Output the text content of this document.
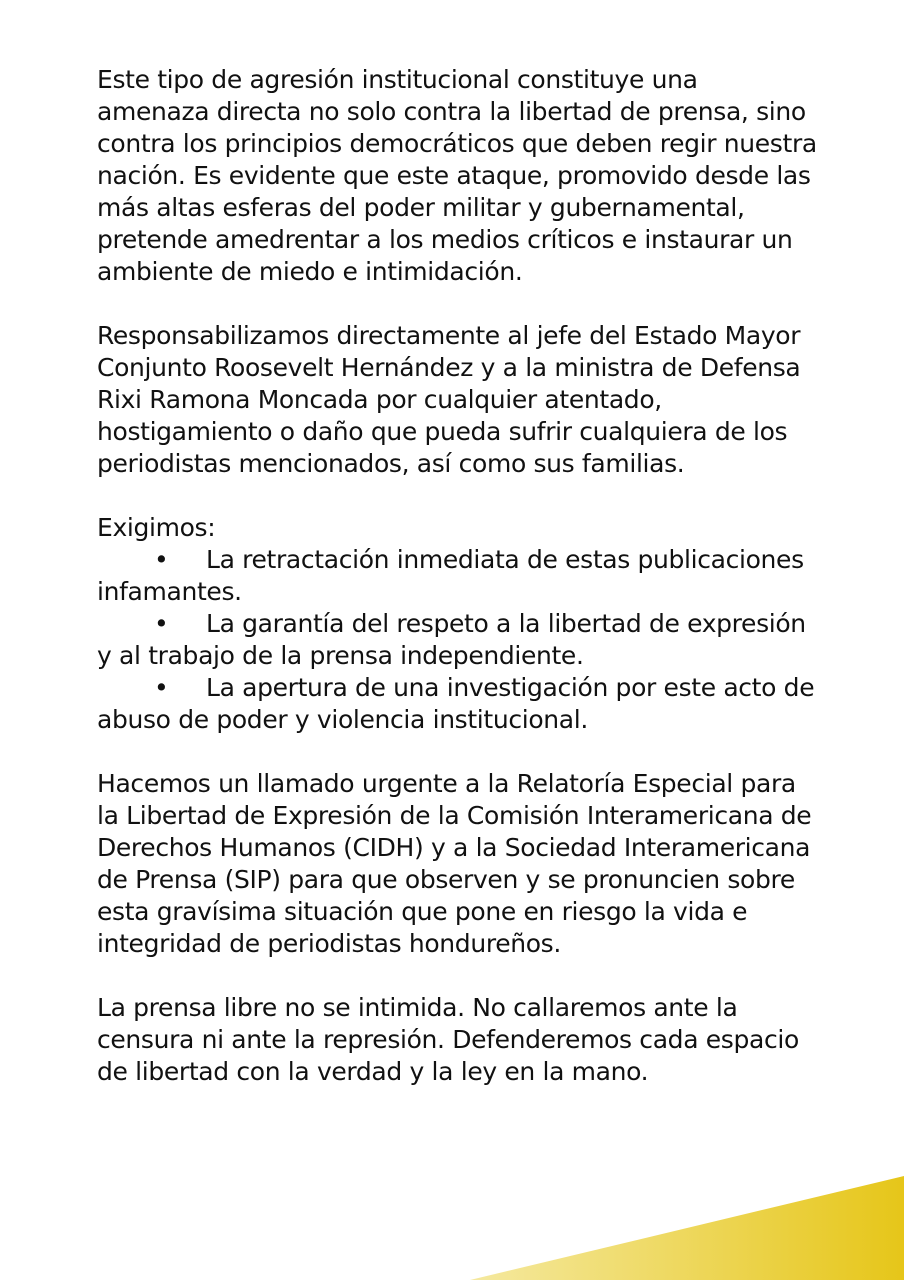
Este tipo de agresión institucional constituye una amenaza directa no solo contra la libertad de prensa, sino contra los principios democráticos que deben regir nuestra nación. Es evidente que este ataque, promovido desde las más altas esferas del poder militar y gubernamental, pretende amedrentar a los medios críticos e instaurar un ambiente de miedo e intimidación.

Responsabilizamos directamente al jefe del Estado Mayor Conjunto Roosevelt Hernández y a la ministra de Defensa Rixi Ramona Moncada por cualquier atentado, hostigamiento o daño que pueda sufrir cualquiera de los periodistas mencionados, así como sus familias.

Exigimos:

• La retractación inmediata de estas publicaciones infamantes.
• La garantía del respeto a la libertad de expresión y al trabajo de la prensa independiente.
• La apertura de una investigación por este acto de abuso de poder y violencia institucional.

Hacemos un llamado urgente a la Relatoría Especial para la Libertad de Expresión de la Comisión Interamericana de Derechos Humanos (CIDH) y a la Sociedad Interamericana de Prensa (SIP) para que observen y se pronuncien sobre esta gravísima situación que pone en riesgo la vida e integridad de periodistas hondureños.

La prensa libre no se intimida. No callaremos ante la censura ni ante la represión. Defenderemos cada espacio de libertad con la verdad y la ley en la mano.
